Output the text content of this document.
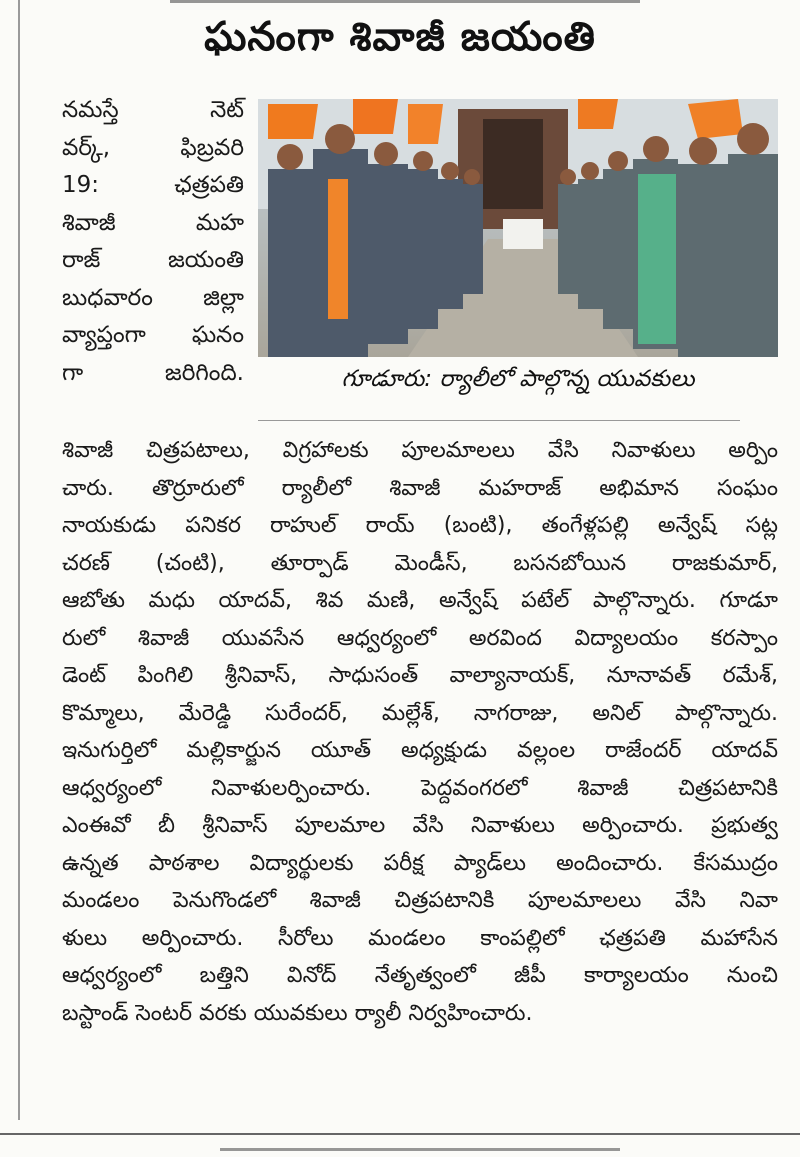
ఘనంగా శివాజీ జయంతి
నమస్తే నెట్
వర్క్, ఫిబ్రవరి
19: ఛత్రపతి
శివాజీ మహ
రాజ్ జయంతి
బుధవారం జిల్లా
వ్యాప్తంగా ఘనం
గా జరిగింది.	గూడూరు: ర్యాలీలో పాల్గొన్న యువకులు
శివాజీ చిత్రపటాలు, విగ్రహాలకు పూలమాలలు వేసి నివాళులు అర్పిం
చారు. తొర్రూరులో ర్యాలీలో శివాజీ మహరాజ్ అభిమాన సంఘం
నాయకుడు పనికర రాహుల్ రాయ్ (బంటి), తంగేళ్లపల్లి అన్వేష్ సట్ల
చరణ్ (చంటి), తూర్పాడ్ మెండీస్, బసనబోయిన రాజకుమార్,
ఆబోతు మధు యాదవ్, శివ మణి, అన్వేష్ పటేల్ పాల్గొన్నారు. గూడూ
రులో శివాజీ యువసేన ఆధ్వర్యంలో అరవింద విద్యాలయం కరస్పాం
డెంట్ పింగిలి శ్రీనివాస్, సాధుసంత్ వాల్యానాయక్, నూనావత్ రమేశ్,
కొమ్మాలు, మేరెడ్డి సురేందర్, మల్లేశ్, నాగరాజు, అనిల్ పాల్గొన్నారు.
ఇనుగుర్తిలో మల్లికార్జున యూత్ అధ్యక్షుడు వల్లంల రాజేందర్ యాదవ్
ఆధ్వర్యంలో నివాళులర్పించారు. పెద్దవంగరలో శివాజీ చిత్రపటానికి
ఎంఈవో బీ శ్రీనివాస్ పూలమాల వేసి నివాళులు అర్పించారు. ప్రభుత్వ
ఉన్నత పాఠశాల విద్యార్థులకు పరీక్ష ప్యాడ్‌లు అందించారు. కేసముద్రం
మండలం పెనుగొండలో శివాజీ చిత్రపటానికి పూలమాలలు వేసి నివా
ళులు అర్పించారు. సీరోలు మండలం కాంపల్లిలో ఛత్రపతి మహాసేన
ఆధ్వర్యంలో బత్తిని వినోద్ నేతృత్వంలో జీపీ కార్యాలయం నుంచి
బస్టాండ్ సెంటర్ వరకు యువకులు ర్యాలీ నిర్వహించారు.
